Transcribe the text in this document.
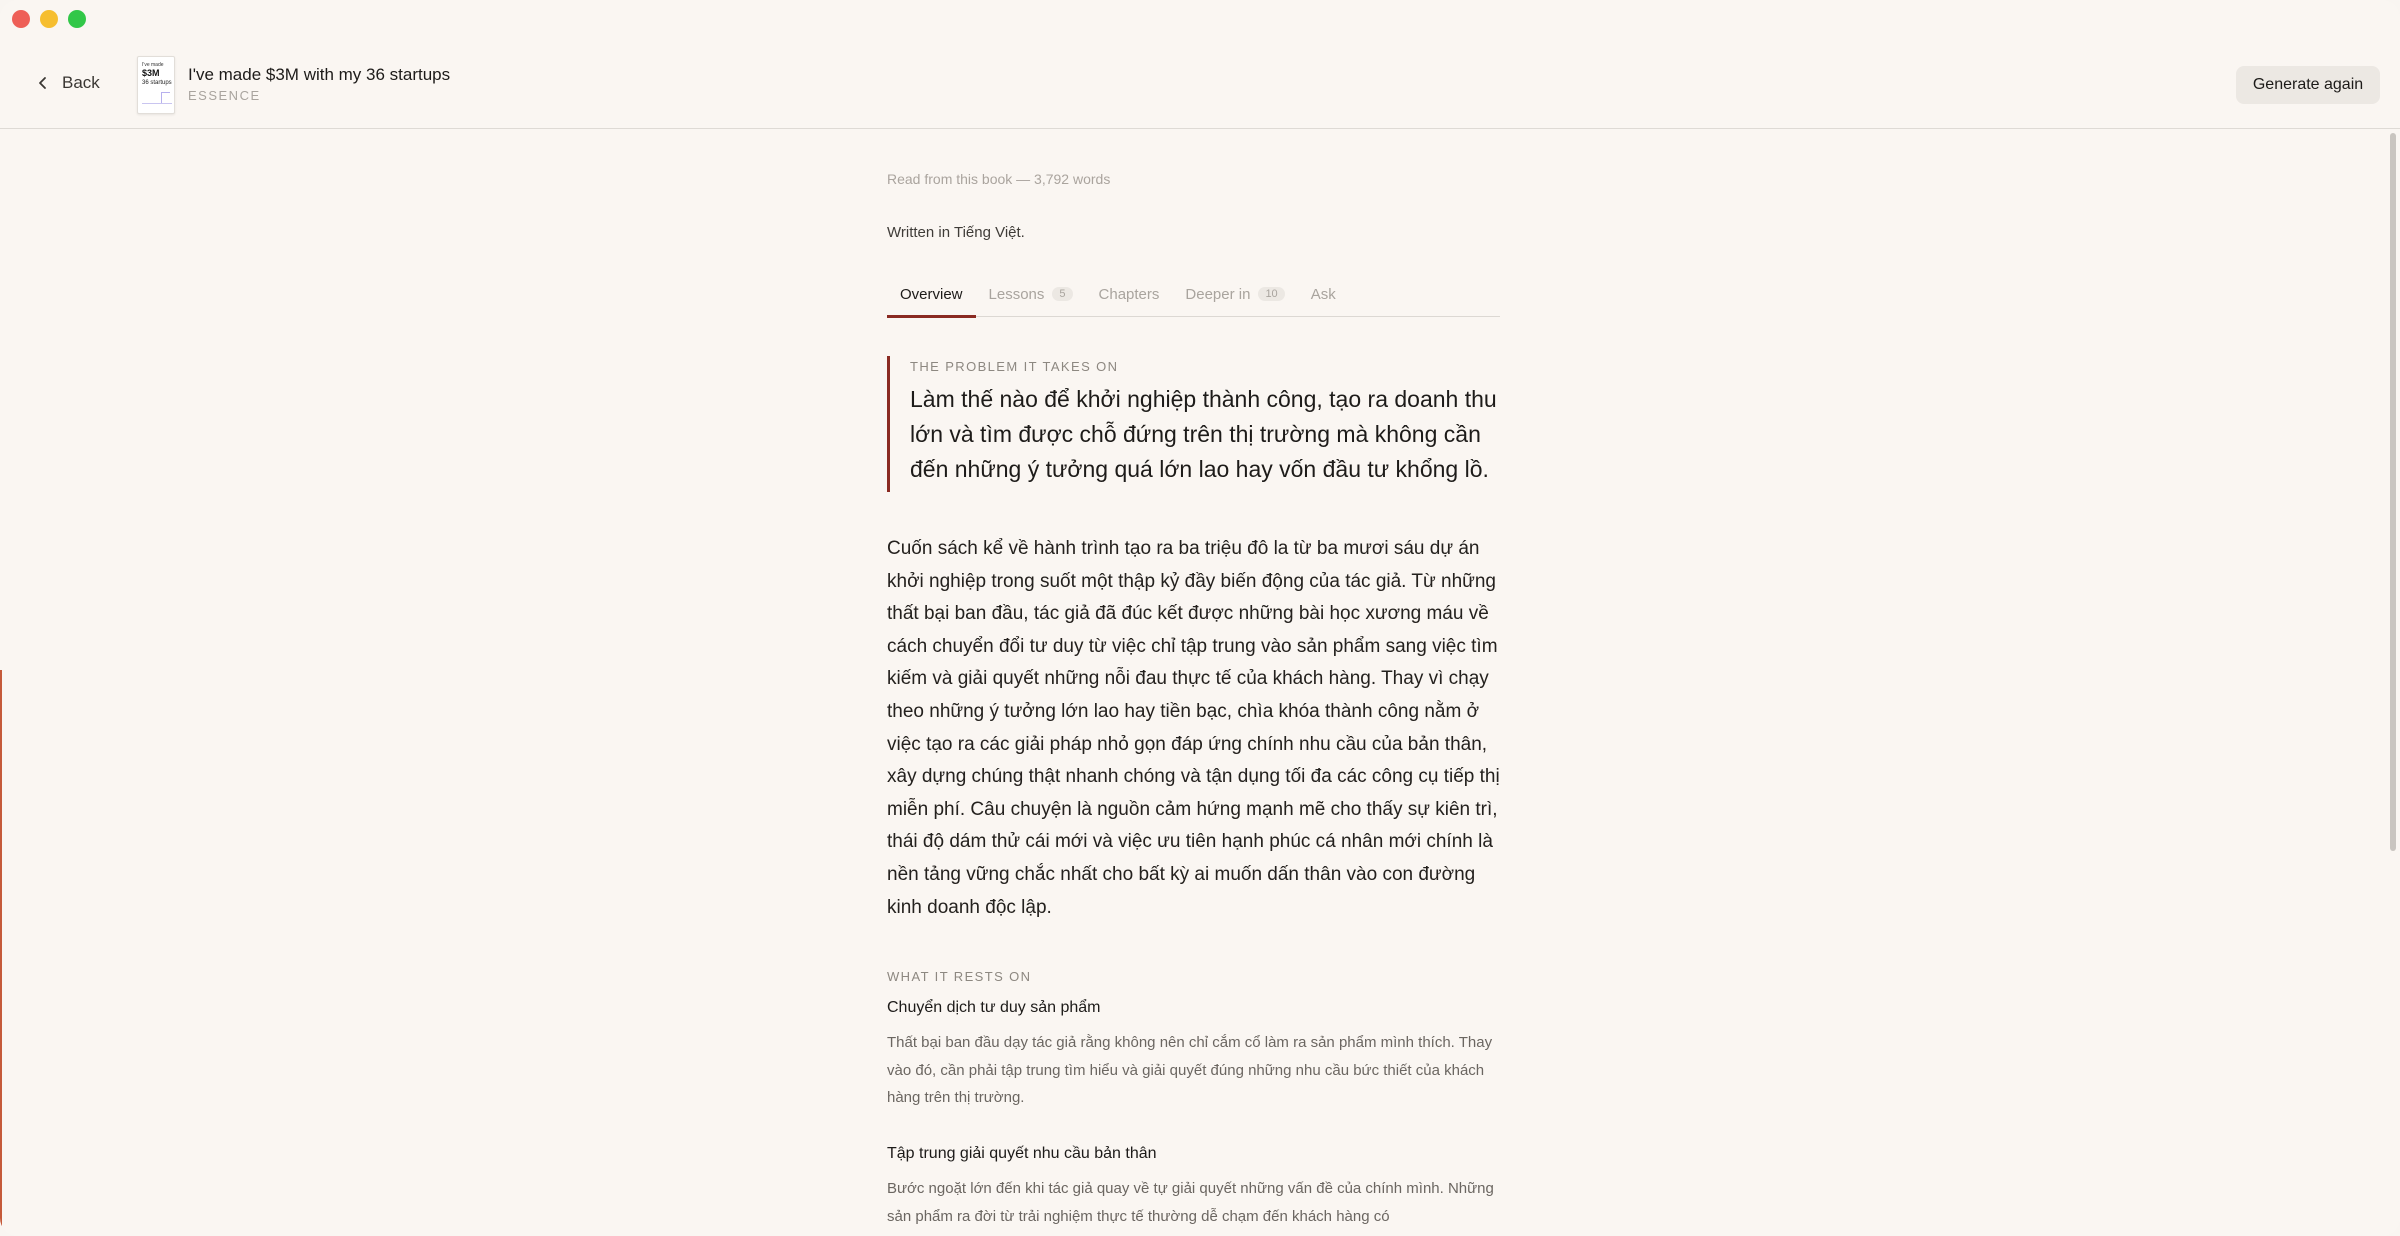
Back
I've made
$3M
36 startups I've made $3M with my 36 startups
ESSENCE
Generate again
Read from this book — 3,792 words
Written in Tiếng Việt.
Overview Lessons	5	Chapters Deeper in	10	Ask
THE PROBLEM IT TAKES ON
Làm thế nào để khởi nghiệp thành công, tạo ra doanh thu lớn và tìm được chỗ đứng trên thị trường mà không cần đến những ý tưởng quá lớn lao hay vốn đầu tư khổng lồ.
Cuốn sách kể về hành trình tạo ra ba triệu đô la từ ba mươi sáu dự án khởi nghiệp trong suốt một thập kỷ đầy biến động của tác giả. Từ những thất bại ban đầu, tác giả đã đúc kết được những bài học xương máu về cách chuyển đổi tư duy từ việc chỉ tập trung vào sản phẩm sang việc tìm kiếm và giải quyết những nỗi đau thực tế của khách hàng. Thay vì chạy theo những ý tưởng lớn lao hay tiền bạc, chìa khóa thành công nằm ở việc tạo ra các giải pháp nhỏ gọn đáp ứng chính nhu cầu của bản thân, xây dựng chúng thật nhanh chóng và tận dụng tối đa các công cụ tiếp thị miễn phí. Câu chuyện là nguồn cảm hứng mạnh mẽ cho thấy sự kiên trì, thái độ dám thử cái mới và việc ưu tiên hạnh phúc cá nhân mới chính là nền tảng vững chắc nhất cho bất kỳ ai muốn dấn thân vào con đường kinh doanh độc lập.
WHAT IT RESTS ON
Chuyển dịch tư duy sản phẩm
Thất bại ban đầu dạy tác giả rằng không nên chỉ cắm cổ làm ra sản phẩm mình thích. Thay vào đó, cần phải tập trung tìm hiểu và giải quyết đúng những nhu cầu bức thiết của khách hàng trên thị trường.
Tập trung giải quyết nhu cầu bản thân
Bước ngoặt lớn đến khi tác giả quay về tự giải quyết những vấn đề của chính mình. Những sản phẩm ra đời từ trải nghiệm thực tế thường dễ chạm đến khách hàng có
